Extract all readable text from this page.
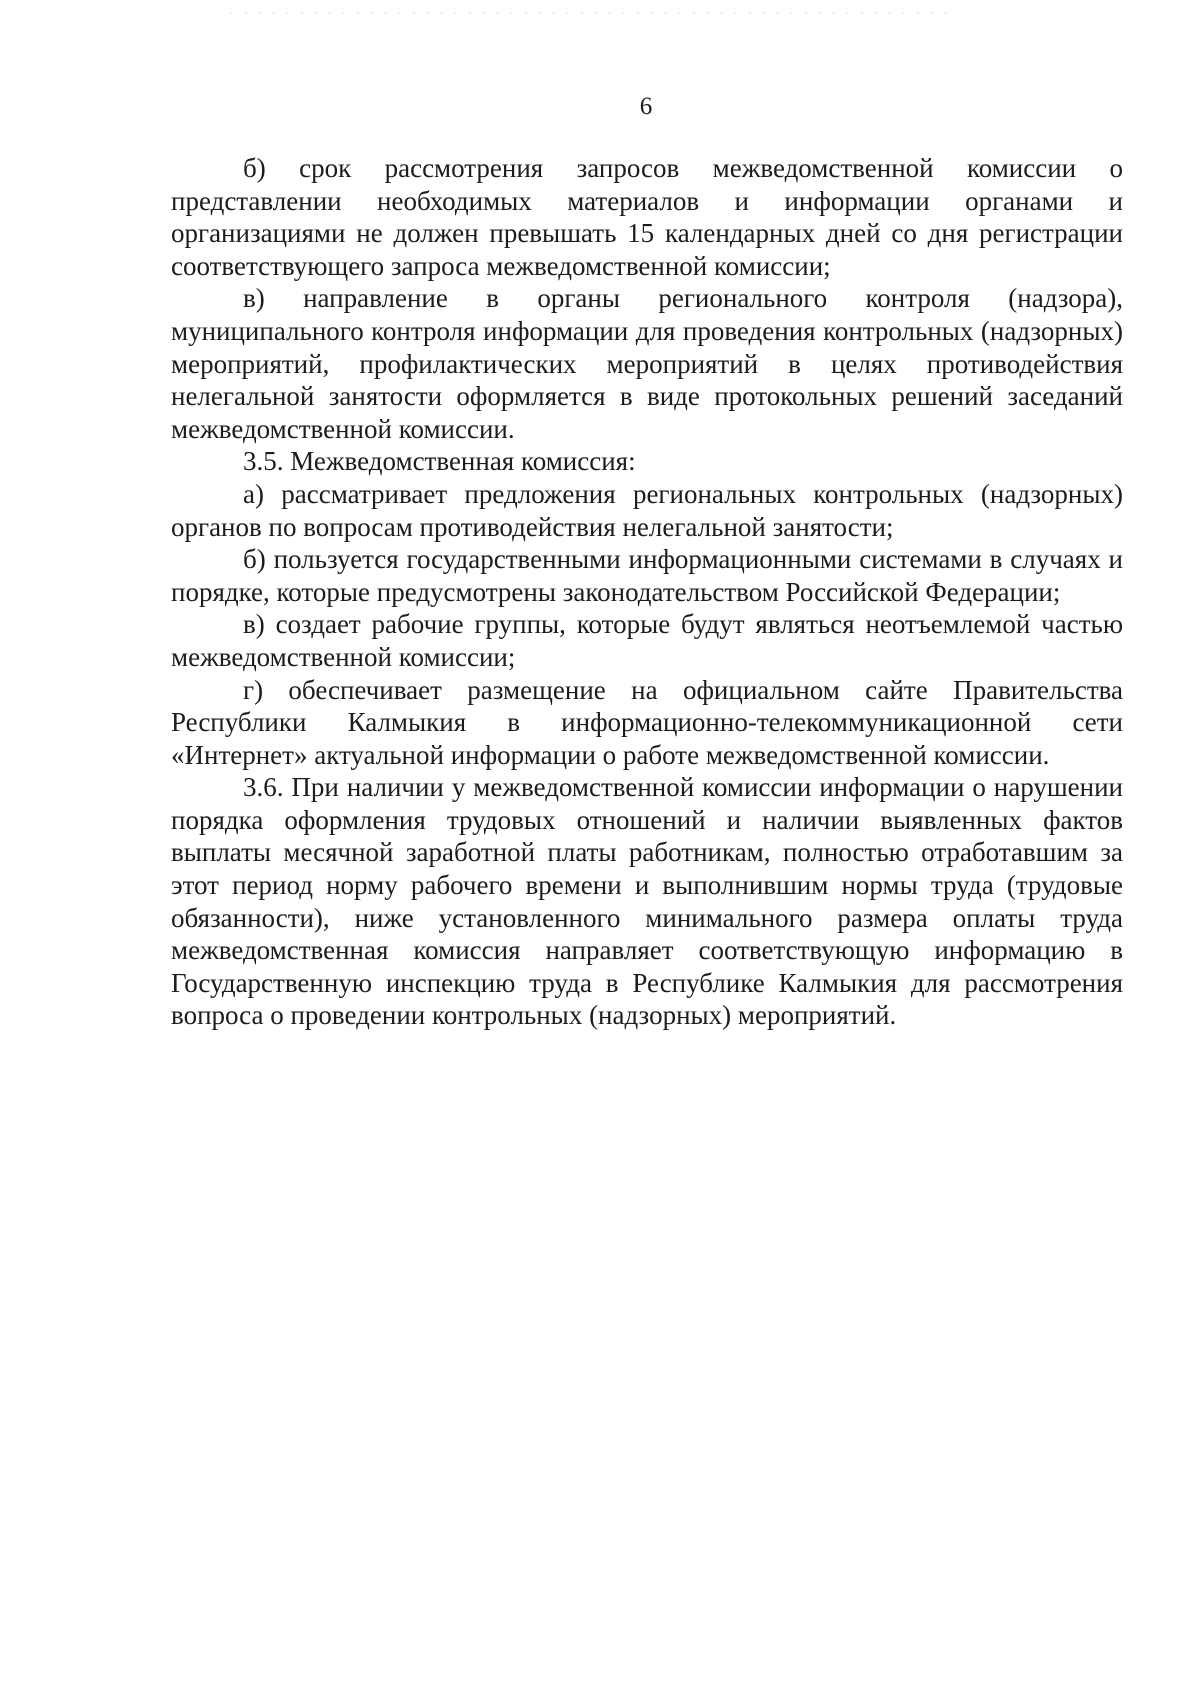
6

б) срок рассмотрения запросов межведомственной комиссии о представлении необходимых материалов и информации органами и организациями не должен превышать 15 календарных дней со дня регистрации соответствующего запроса межведомственной комиссии;

в) направление в органы регионального контроля (надзора), муниципального контроля информации для проведения контрольных (надзорных) мероприятий, профилактических мероприятий в целях противодействия нелегальной занятости оформляется в виде протокольных решений заседаний межведомственной комиссии.

3.5. Межведомственная комиссия:

а) рассматривает предложения региональных контрольных (надзорных) органов по вопросам противодействия нелегальной занятости;

б) пользуется государственными информационными системами в случаях и порядке, которые предусмотрены законодательством Российской Федерации;

в) создает рабочие группы, которые будут являться неотъемлемой частью межведомственной комиссии;

г) обеспечивает размещение на официальном сайте Правительства Республики Калмыкия в информационно-телекоммуникационной сети «Интернет» актуальной информации о работе межведомственной комиссии.

3.6. При наличии у межведомственной комиссии информации о нарушении порядка оформления трудовых отношений и наличии выявленных фактов выплаты месячной заработной платы работникам, полностью отработавшим за этот период норму рабочего времени и выполнившим нормы труда (трудовые обязанности), ниже установленного минимального размера оплаты труда межведомственная комиссия направляет соответствующую информацию в Государственную инспекцию труда в Республике Калмыкия для рассмотрения вопроса о проведении контрольных (надзорных) мероприятий.
